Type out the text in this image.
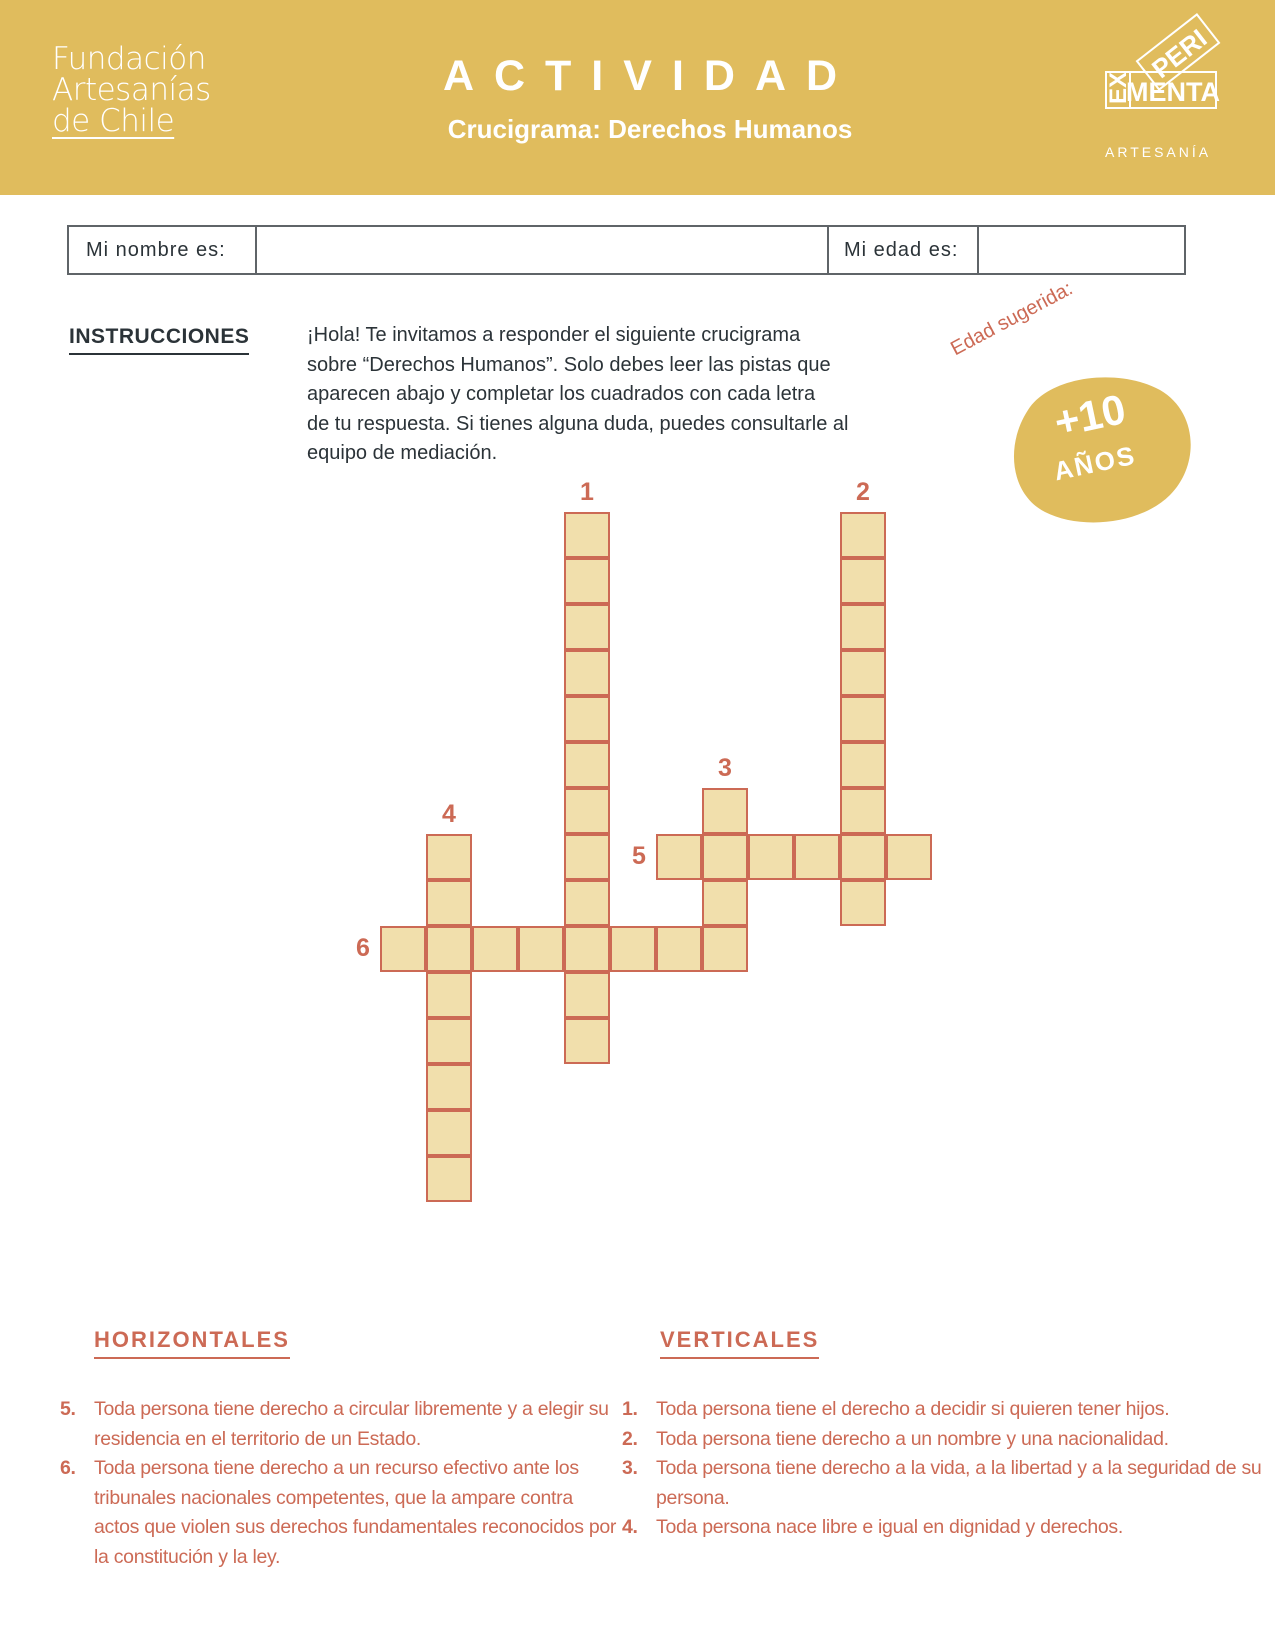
Fundación
Artesanías
de Chile
ACTIVIDAD
Crucigrama: Derechos Humanos
PERI
EX
MENTA
ARTESANÍA
Mi nombre es:	Mi edad es:
INSTRUCCIONES	¡Hola! Te invitamos a responder el siguiente crucigrama
sobre “Derechos Humanos”. Solo debes leer las pistas que
aparecen abajo y completar los cuadrados con cada letra
de tu respuesta. Si tienes alguna duda, puedes consultarle al
equipo de mediación.
Edad sugerida:
+10
AÑOS
1	2
3
4
5
6
HORIZONTALES	VERTICALES
5. Toda persona tiene derecho a circular libremente y a elegir su residencia en el territorio de un Estado.
6. Toda persona tiene derecho a un recurso efectivo ante los tribunales nacionales competentes, que la ampare contra actos que violen sus derechos fundamentales reconocidos por la constitución y la ley.
1. Toda persona tiene el derecho a decidir si quieren tener hijos.
2. Toda persona tiene derecho a un nombre y una nacionalidad.
3. Toda persona tiene derecho a la vida, a la libertad y a la seguridad de su persona.
4. Toda persona nace libre e igual en dignidad y derechos.
